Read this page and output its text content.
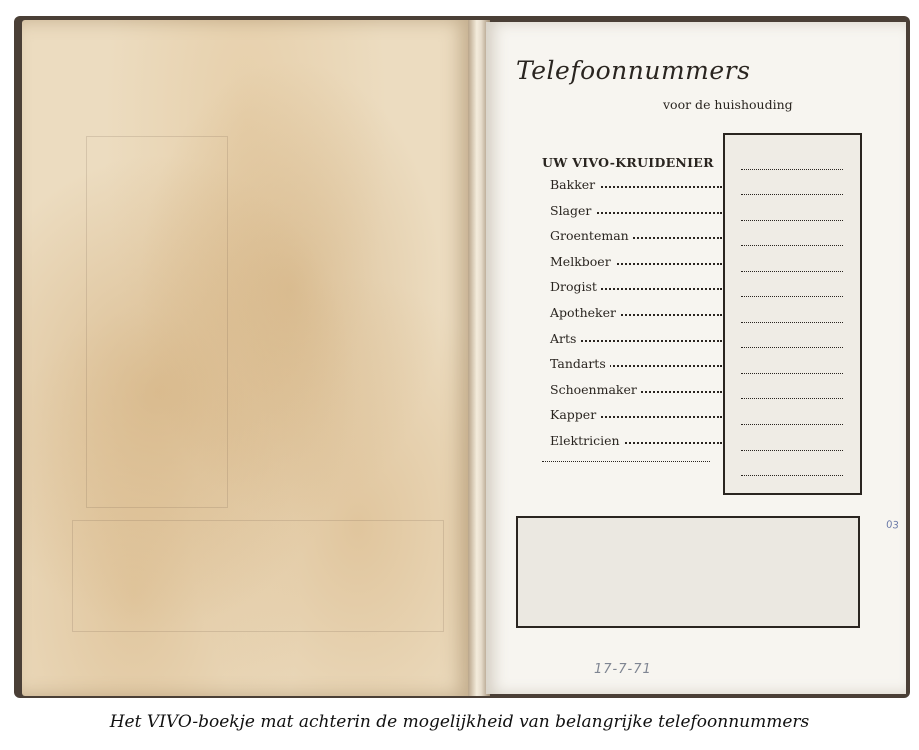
Telefoonnummers
voor de huishouding
UW VIVO-KRUIDENIER
Bakker
Slager
Groenteman
Melkboer
Drogist
Apotheker
Arts
Tandarts
Schoenmaker
Kapper
Elektricien
03
17-7-71
Het VIVO-boekje mat achterin de mogelijkheid van belangrijke telefoonnummers
